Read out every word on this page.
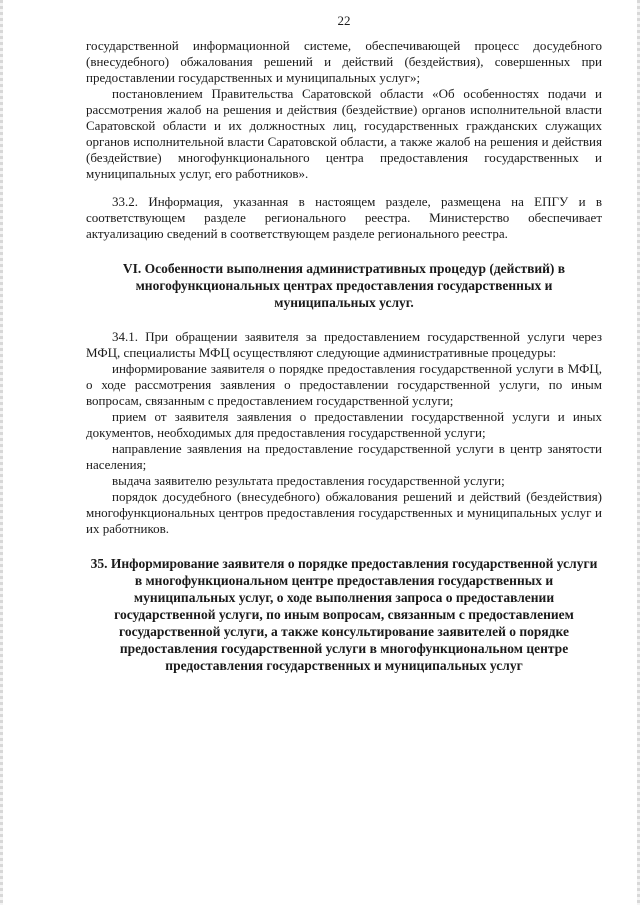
22

государственной информационной системе, обеспечивающей процесс досудебного (внесудебного) обжалования решений и действий (бездействия), совершенных при предоставлении государственных и муниципальных услуг»;

постановлением Правительства Саратовской области «Об особенностях подачи и рассмотрения жалоб на решения и действия (бездействие) органов исполнительной власти Саратовской области и их должностных лиц, государственных гражданских служащих органов исполнительной власти Саратовской области, а также жалоб на решения и действия (бездействие) многофункционального центра предоставления государственных и муниципальных услуг, его работников».

33.2. Информация, указанная в настоящем разделе, размещена на ЕПГУ и в соответствующем разделе регионального реестра. Министерство обеспечивает актуализацию сведений в соответствующем разделе регионального реестра.

VI. Особенности выполнения административных процедур (действий) в многофункциональных центрах предоставления государственных и муниципальных услуг.

34.1. При обращении заявителя за предоставлением государственной услуги через МФЦ, специалисты МФЦ осуществляют следующие административные процедуры:

информирование заявителя о порядке предоставления государственной услуги в МФЦ, о ходе рассмотрения заявления о предоставлении государственной услуги, по иным вопросам, связанным с предоставлением государственной услуги;

прием от заявителя заявления о предоставлении государственной услуги и иных документов, необходимых для предоставления государственной услуги;

направление заявления на предоставление государственной услуги в центр занятости населения;

выдача заявителю результата предоставления государственной услуги;

порядок досудебного (внесудебного) обжалования решений и действий (бездействия) многофункциональных центров предоставления государственных и муниципальных услуг и их работников.

35. Информирование заявителя о порядке предоставления государственной услуги в многофункциональном центре предоставления государственных и муниципальных услуг, о ходе выполнения запроса о предоставлении государственной услуги, по иным вопросам, связанным с предоставлением государственной услуги, а также консультирование заявителей о порядке предоставления государственной услуги в многофункциональном центре предоставления государственных и муниципальных услуг
